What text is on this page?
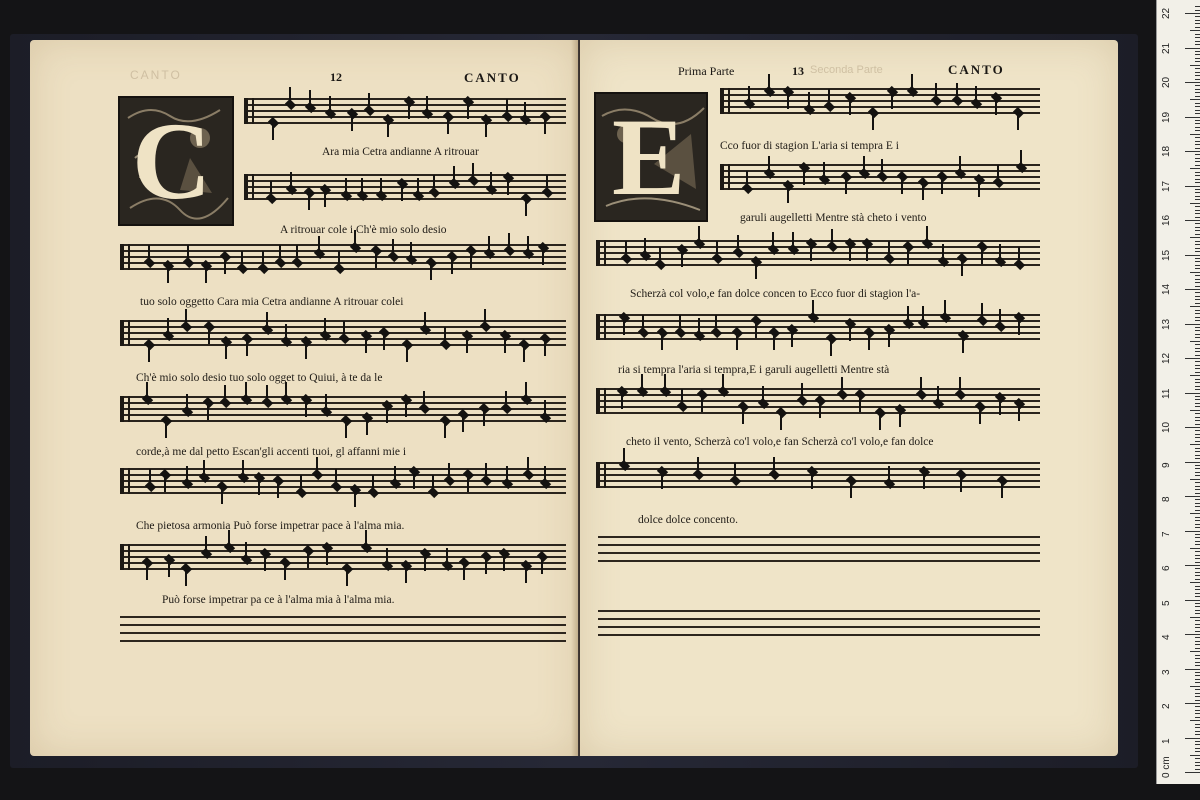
CANTO	12	CANTO
C	Ara mia Cetra andianne A ritrouar
A ritrouar cole i Ch'è mio solo desio
tuo solo oggetto Cara mia Cetra andianne A ritrouar colei
Ch'è mio solo desio tuo solo ogget to Quiui, à te da le
corde,à me dal petto Escan'gli accenti tuoi, gl affanni mie i
Che pietosa armonia Può forse impetrar pace à l'alma mia.
Può forse impetrar pa ce à l'alma mia à l'alma mia.
Seconda Parte
Prima Parte	13	CANTO
E	Cco fuor di stagion L'aria si tempra E i
garuli augelletti Mentre stà cheto i vento
Scherzà col volo,e fan dolce concen to Ecco fuor di stagion l'a-
ria si tempra l'aria si tempra,E i garuli augelletti Mentre stà
cheto il vento, Scherzà co'l volo,e fan Scherzà co'l volo,e fan dolce
dolce dolce concento.
0 cm
1
2
3
4
5
6
7
8
9
10
11
12
13
14
15
16
17
18
19
20
21
22
